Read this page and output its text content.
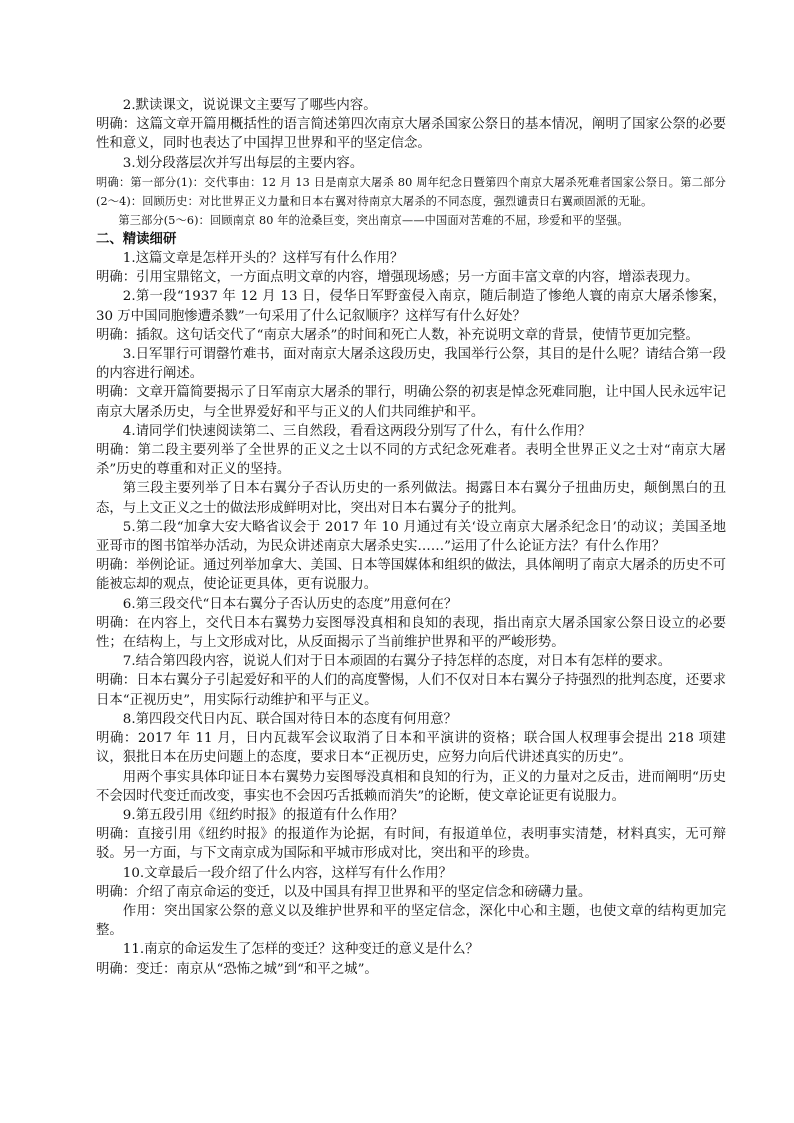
2.默读课文，说说课文主要写了哪些内容。

明确：这篇文章开篇用概括性的语言简述第四次南京大屠杀国家公祭日的基本情况，阐明了国家公祭的必要性和意义，同时也表达了中国捍卫世界和平的坚定信念。

3.划分段落层次并写出每层的主要内容。

明确：第一部分(1)：交代事由：12 月 13 日是南京大屠杀 80 周年纪念日暨第四个南京大屠杀死难者国家公祭日。第二部分(2～4)：回顾历史：对比世界正义力量和日本右翼对待南京大屠杀的不同态度，强烈谴责日右翼顽固派的无耻。

第三部分(5～6)：回顾南京 80 年的沧桑巨变，突出南京——中国面对苦难的不屈，珍爱和平的坚强。

二、精读细研

1.这篇文章是怎样开头的？这样写有什么作用？

明确：引用宝鼎铭文，一方面点明文章的内容，增强现场感；另一方面丰富文章的内容，增添表现力。

2.第一段“1937 年 12 月 13 日，侵华日军野蛮侵入南京，随后制造了惨绝人寰的南京大屠杀惨案，30 万中国同胞惨遭杀戮”一句采用了什么记叙顺序？这样写有什么好处？

明确：插叙。这句话交代了“南京大屠杀”的时间和死亡人数，补充说明文章的背景，使情节更加完整。

3.日军罪行可谓罄竹难书，面对南京大屠杀这段历史，我国举行公祭，其目的是什么呢？请结合第一段的内容进行阐述。

明确：文章开篇简要揭示了日军南京大屠杀的罪行，明确公祭的初衷是悼念死难同胞，让中国人民永远牢记南京大屠杀历史，与全世界爱好和平与正义的人们共同维护和平。

4.请同学们快速阅读第二、三自然段，看看这两段分别写了什么，有什么作用？

明确：第二段主要列举了全世界的正义之士以不同的方式纪念死难者。表明全世界正义之士对“南京大屠杀”历史的尊重和对正义的坚持。

第三段主要列举了日本右翼分子否认历史的一系列做法。揭露日本右翼分子扭曲历史，颠倒黑白的丑态，与上文正义之士的做法形成鲜明对比，突出对日本右翼分子的批判。

5.第二段“加拿大安大略省议会于 2017 年 10 月通过有关‘设立南京大屠杀纪念日’的动议；美国圣地亚哥市的图书馆举办活动，为民众讲述南京大屠杀史实……”运用了什么论证方法？有什么作用？

明确：举例论证。通过列举加拿大、美国、日本等国媒体和组织的做法，具体阐明了南京大屠杀的历史不可能被忘却的观点，使论证更具体，更有说服力。

6.第三段交代“日本右翼分子否认历史的态度”用意何在？

明确：在内容上，交代日本右翼势力妄图辱没真相和良知的表现，指出南京大屠杀国家公祭日设立的必要性；在结构上，与上文形成对比，从反面揭示了当前维护世界和平的严峻形势。

7.结合第四段内容，说说人们对于日本顽固的右翼分子持怎样的态度，对日本有怎样的要求。

明确：日本右翼分子引起爱好和平的人们的高度警惕，人们不仅对日本右翼分子持强烈的批判态度，还要求日本“正视历史”，用实际行动维护和平与正义。

8.第四段交代日内瓦、联合国对待日本的态度有何用意？

明确：2017 年 11 月，日内瓦裁军会议取消了日本和平演讲的资格；联合国人权理事会提出 218 项建议，狠批日本在历史问题上的态度，要求日本“正视历史，应努力向后代讲述真实的历史”。

用两个事实具体印证日本右翼势力妄图辱没真相和良知的行为，正义的力量对之反击，进而阐明“历史不会因时代变迁而改变，事实也不会因巧舌抵赖而消失”的论断，使文章论证更有说服力。

9.第五段引用《纽约时报》的报道有什么作用？

明确：直接引用《纽约时报》的报道作为论据，有时间，有报道单位，表明事实清楚，材料真实，无可辩驳。另一方面，与下文南京成为国际和平城市形成对比，突出和平的珍贵。

10.文章最后一段介绍了什么内容，这样写有什么作用？

明确：介绍了南京命运的变迁，以及中国具有捍卫世界和平的坚定信念和磅礴力量。

作用：突出国家公祭的意义以及维护世界和平的坚定信念，深化中心和主题，也使文章的结构更加完整。

11.南京的命运发生了怎样的变迁？这种变迁的意义是什么？

明确：变迁：南京从“恐怖之城”到“和平之城”。
